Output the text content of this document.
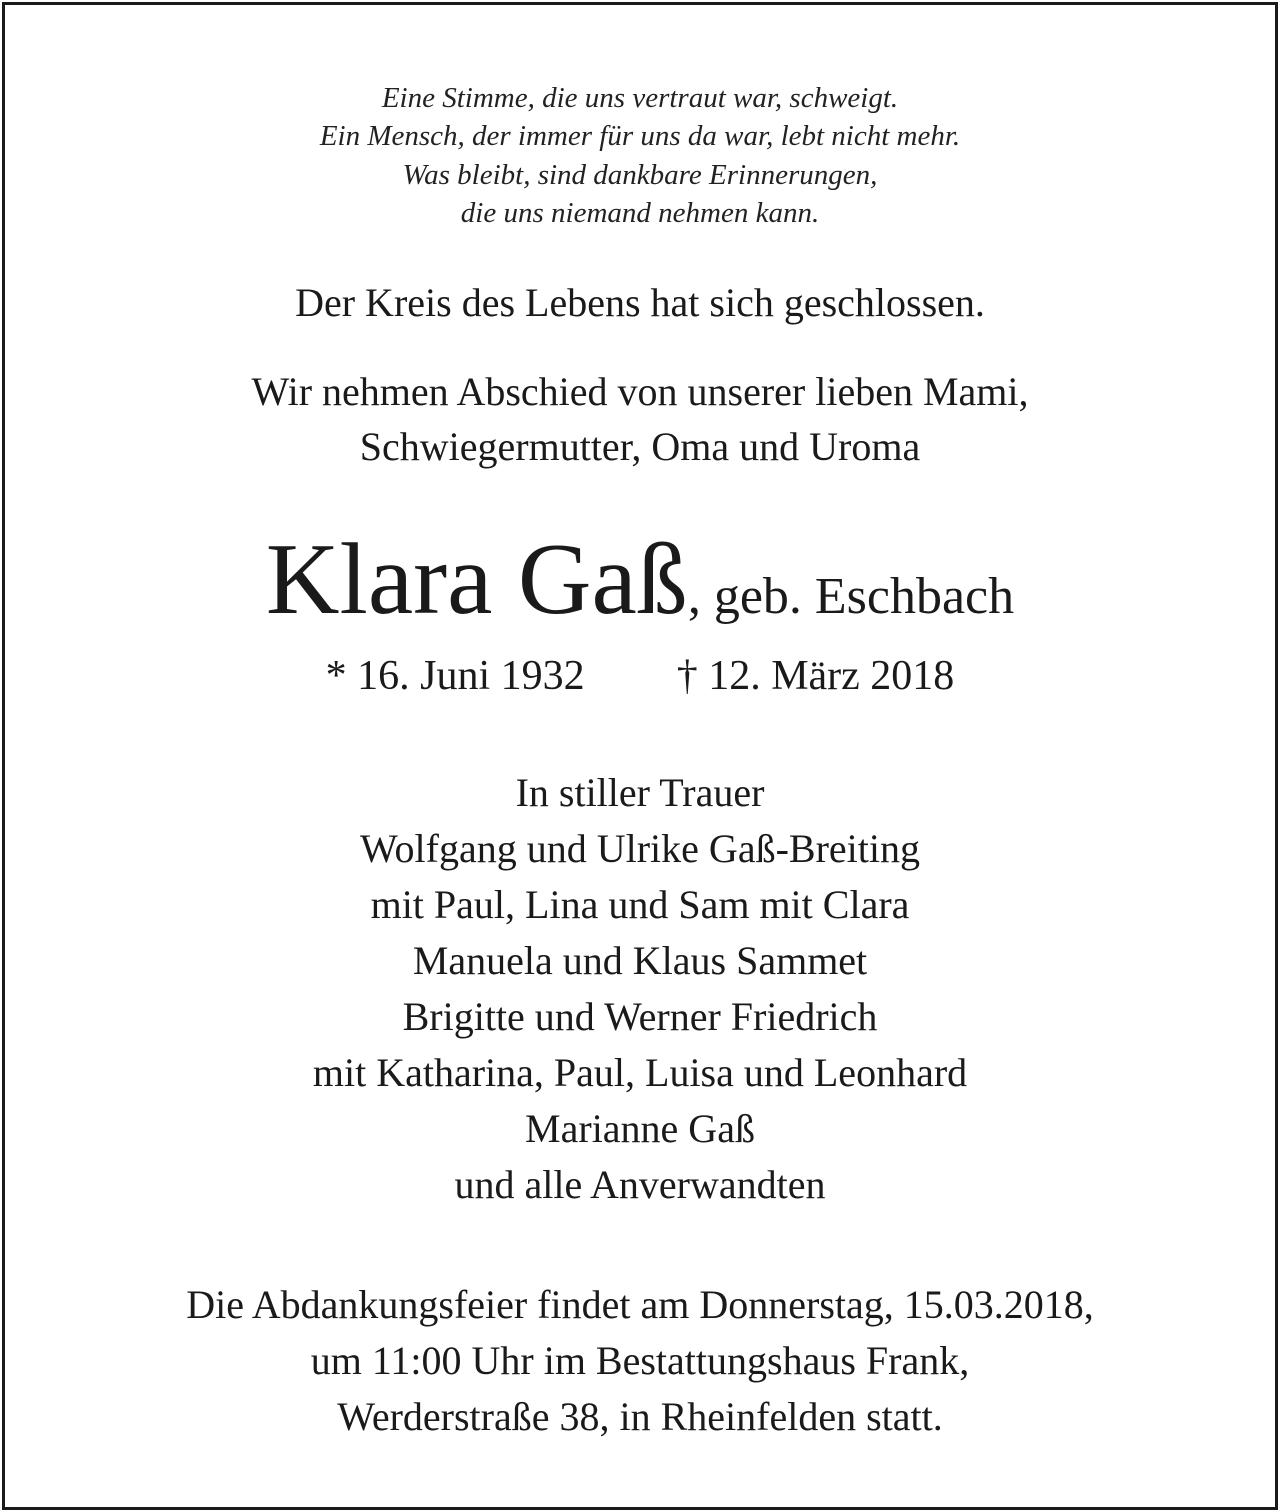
Eine Stimme, die uns vertraut war, schweigt.

Ein Mensch, der immer für uns da war, lebt nicht mehr.

Was bleibt, sind dankbare Erinnerungen,

die uns niemand nehmen kann.

Der Kreis des Lebens hat sich geschlossen.

Wir nehmen Abschied von unserer lieben Mami,

Schwiegermutter, Oma und Uroma

Klara Gaß, geb. Eschbach

* 16. Juni 1932 † 12. März 2018

In stiller Trauer

Wolfgang und Ulrike Gaß-Breiting

mit Paul, Lina und Sam mit Clara

Manuela und Klaus Sammet

Brigitte und Werner Friedrich

mit Katharina, Paul, Luisa und Leonhard

Marianne Gaß

und alle Anverwandten

Die Abdankungsfeier findet am Donnerstag, 15.03.2018,

um 11:00 Uhr im Bestattungshaus Frank,

Werderstraße 38, in Rheinfelden statt.
